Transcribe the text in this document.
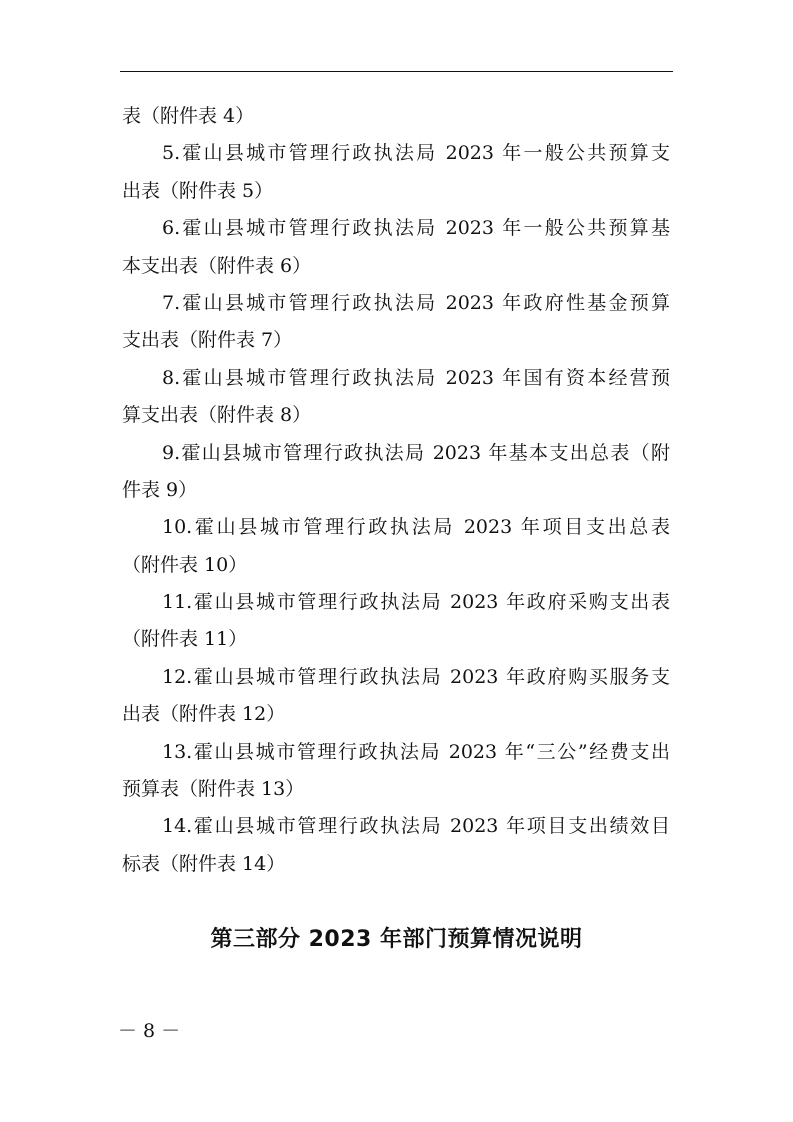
表（附件表 4）
5.霍山县城市管理行政执法局 2023 年一般公共预算支
出表（附件表 5）
6.霍山县城市管理行政执法局 2023 年一般公共预算基
本支出表（附件表 6）
7.霍山县城市管理行政执法局 2023 年政府性基金预算
支出表（附件表 7）
8.霍山县城市管理行政执法局 2023 年国有资本经营预
算支出表（附件表 8）
9.霍山县城市管理行政执法局 2023 年基本支出总表（附
件表 9）
10.霍山县城市管理行政执法局 2023 年项目支出总表
（附件表 10）
11.霍山县城市管理行政执法局 2023 年政府采购支出表
（附件表 11）
12.霍山县城市管理行政执法局 2023 年政府购买服务支
出表（附件表 12）
13.霍山县城市管理行政执法局 2023 年“三公”经费支出
预算表（附件表 13）
14.霍山县城市管理行政执法局 2023 年项目支出绩效目
标表（附件表 14）
第三部分 2023 年部门预算情况说明
－ 8 －
